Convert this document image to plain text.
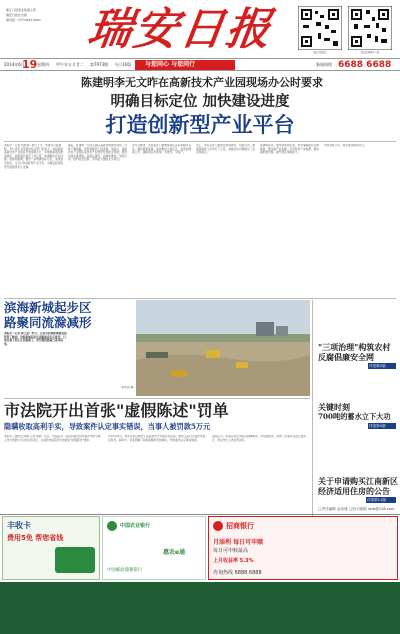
浙江日报报业集团主管
瑞安日报社出版
国内统一刊号CN33-0091 瑞安日报	瑞安日报微信	瑞安新闻网客户端
2014年6月
19 星期四 甲午年五月廿二 第7973期 今日16版 与您同心 与您同行	新闻热线 6688 6688
陈建明李无文昨在高新技术产业园现场办公时要求
明确目标定位 加快建设进度
打造创新型产业平台
本报讯（记者 郑胜春）昨日上午，市委书记陈建明、市长李无文带领市有关部门负责人，来到瑞安高新技术产业园区开展现场办公，实地察看项目推进情况，听取园区建设工作汇报，协调解决存在问题。陈建明强调，要进一步明确目标定位，加快建设进度，全力打造创新型产业平台，为瑞安经济转型升级提供有力支撑。
随后，陈建明一行深入园区基础设施建设现场，详细了解道路、管网等配套工程进展。他指出，高新技术产业园区是我市产业转型升级的主阵地，要坚持高标准规划、高起点建设、高效率推进，加快引进一批科技含量高、带动能力强的龙头项目。
李无文要求，各相关部门要增强责任意识和服务意识，强化要素保障，加快推进土地征迁、政策处理等工作，确保项目早落地、早建设、早投产。
会上，市有关部门就园区规划建设、招商引资、要素保障等工作进行了汇报，并就存在问题提出了意见和建议。
陈建明指出，要坚持规划引领，科学编制园区发展规划；要注重产业集聚，打造特色产业集群；要完善配套设施，提升园区承载能力。
市领导陈小兵、林忠参加现场办公。
滨海新城起步区
路聚同流滁减形
本报讯（记者 林之蓝）昨日，记者从滨海新城建设指挥部了解到，滨海新城起步区道路建设有序推进，目前各项工程正在加紧施工，部分路段路基已基本成形。
（林先锋 摄）
市法院开出首张"虚假陈述"罚单
隐瞒收取高利手实，导致案件认定事实错误，当事人被罚款5万元
本报讯（通讯员 陈柳 记者 徐敏）近日，市法院对一起民间借贷纠纷案件中的当事人作出罚款5万元的处罚决定，这是我市法院开出的首张"虚假陈述"罚单。
2012年8月，原告李某以被告王某借款未还为由诉至法院，要求王某归还借款本金及利息。庭审中，李某隐瞒了收取高额利息的事实，导致案件认定事实错误。
法院认为，李某在诉讼中故意隐瞒事实，作虚假陈述，妨碍了民事诉讼的正常进行，依法作出上述处罚决定。
"三项治理"构筑农村
反腐倡廉安全网
详见第2版
关键时刻
700吨的蓄水立下大功
详见第4版
关于申请购买江南新区
经济适用住房的公告
详见第11版
□责任编辑 金崇林 □电子邮箱 rarb@126.com
丰收卡
费用5免 帮您省钱
中国农业银行
惠农e通
中国邮政储蓄银行
招商银行
月添利 每日可申赎
每日可申赎最高
上月收益率 5.3%
咨询热线 6888 6888
